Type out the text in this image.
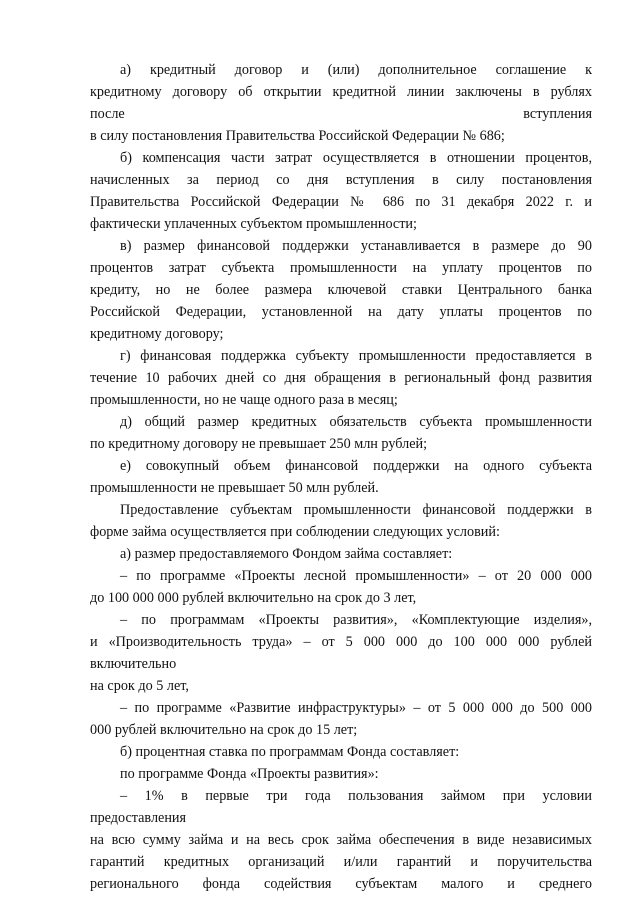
а) кредитный договор и (или) дополнительное соглашение к
кредитному договору об открытии кредитной линии заключены в рублях
после	вступления
в силу постановления Правительства Российской Федерации № 686;
б) компенсация части затрат осуществляется в отношении процентов,
начисленных за период со дня вступления в силу постановления
Правительства Российской Федерации № 686 по 31 декабря 2022 г. и
фактически уплаченных субъектом промышленности;
в) размер финансовой поддержки устанавливается в размере до 90
процентов затрат субъекта промышленности на уплату процентов по
кредиту, но не более размера ключевой ставки Центрального банка
Российской Федерации, установленной на дату уплаты процентов по
кредитному договору;
г) финансовая поддержка субъекту промышленности предоставляется в
течение 10 рабочих дней со дня обращения в региональный фонд развития
промышленности, но не чаще одного раза в месяц;
д) общий размер кредитных обязательств субъекта промышленности
по кредитному договору не превышает 250 млн рублей;
е) совокупный объем финансовой поддержки на одного субъекта
промышленности не превышает 50 млн рублей.
Предоставление субъектам промышленности финансовой поддержки в
форме займа осуществляется при соблюдении следующих условий:
а) размер предоставляемого Фондом займа составляет:
– по программе «Проекты лесной промышленности» – от 20 000 000
до 100 000 000 рублей включительно на срок до 3 лет,
– по программам «Проекты развития», «Комплектующие изделия»,
и «Производительность труда» – от 5 000 000 до 100 000 000 рублей
включительно
на срок до 5 лет,
– по программе «Развитие инфраструктуры» – от 5 000 000 до 500 000
000 рублей включительно на срок до 15 лет;
б) процентная ставка по программам Фонда составляет:
по программе Фонда «Проекты развития»:
– 1% в первые три года пользования займом при условии
предоставления
на всю сумму займа и на весь срок займа обеспечения в виде независимых
гарантий кредитных организаций и/или гарантий и поручительства
регионального фонда содействия субъектам малого и среднего
